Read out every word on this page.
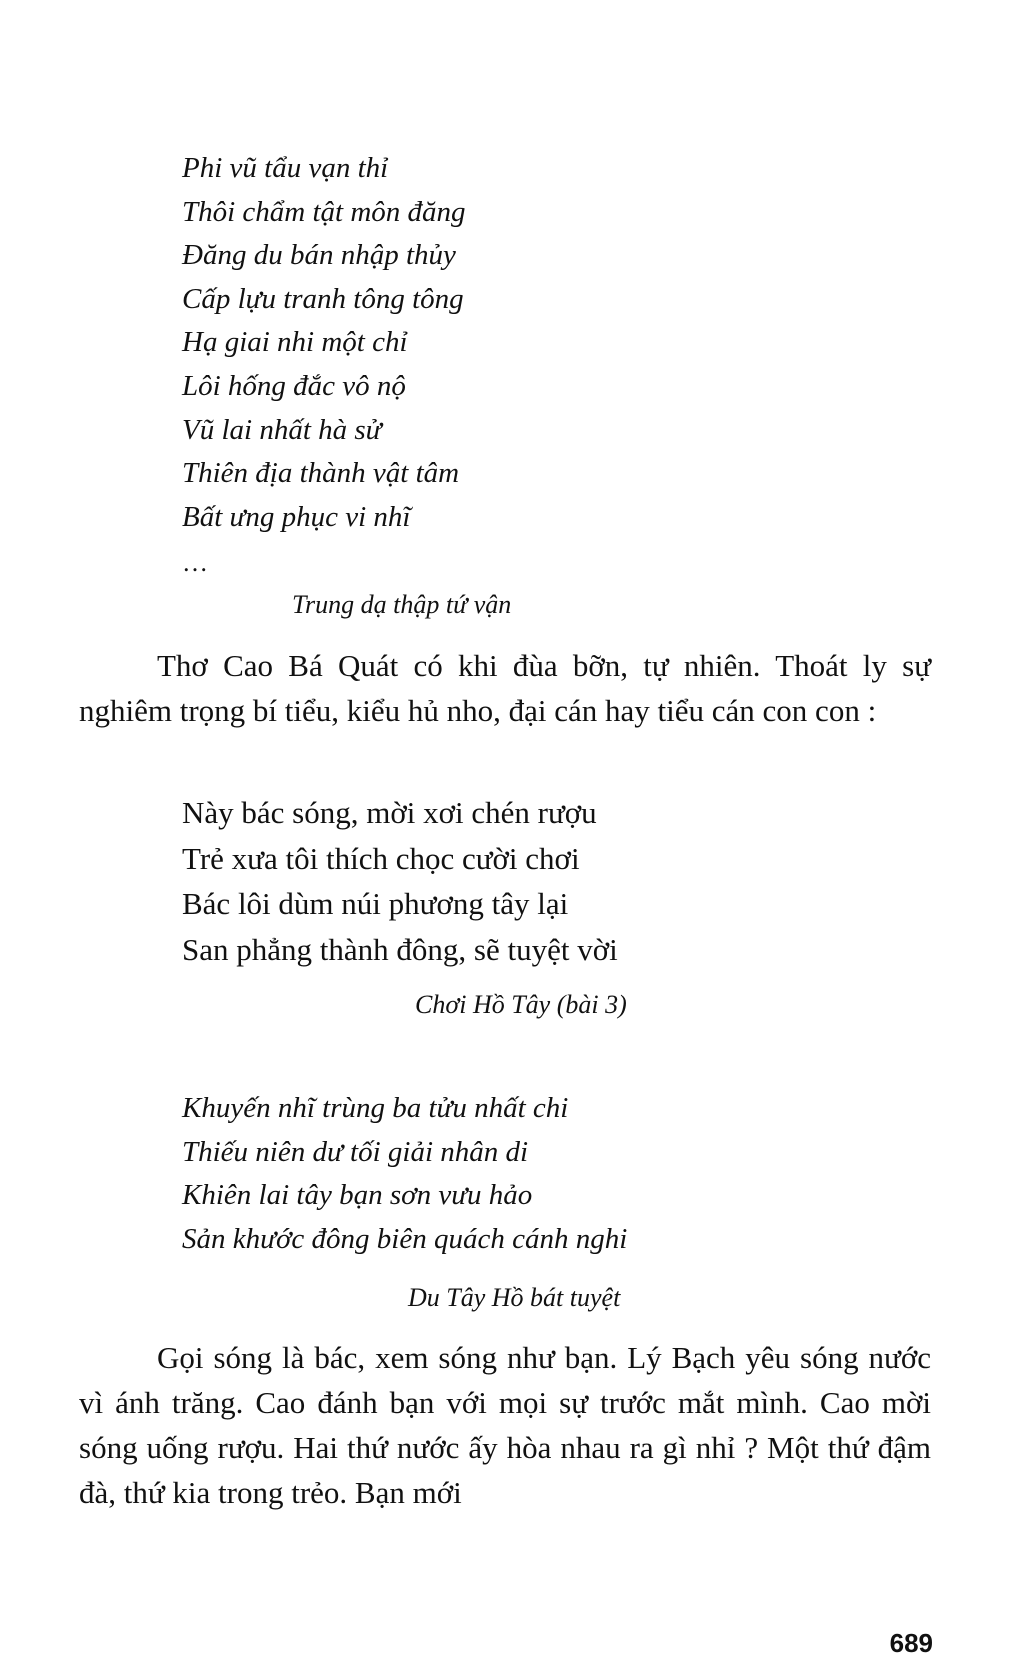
Phi vũ tẩu vạn thỉ
Thôi chẩm tật môn đăng
Đăng du bán nhập thủy
Cấp lựu tranh tông tông
Hạ giai nhi một chỉ
Lôi hống đắc vô nộ
Vũ lai nhất hà sử
Thiên địa thành vật tâm
Bất ưng phục vi nhĩ
…
Trung dạ thập tứ vận

Thơ Cao Bá Quát có khi đùa bỡn, tự nhiên. Thoát ly sự nghiêm trọng bí tiểu, kiểu hủ nho, đại cán hay tiểu cán con con :

Này bác sóng, mời xơi chén rượu
Trẻ xưa tôi thích chọc cười chơi
Bác lôi dùm núi phương tây lại
San phẳng thành đông, sẽ tuyệt vời
Chơi Hồ Tây (bài 3)
Khuyến nhĩ trùng ba tửu nhất chi
Thiếu niên dư tối giải nhân di
Khiên lai tây bạn sơn vưu hảo
Sản khước đông biên quách cánh nghi
Du Tây Hồ bát tuyệt

Gọi sóng là bác, xem sóng như bạn. Lý Bạch yêu sóng nước vì ánh trăng. Cao đánh bạn với mọi sự trước mắt mình. Cao mời sóng uống rượu. Hai thứ nước ấy hòa nhau ra gì nhỉ ? Một thứ đậm đà, thứ kia trong trẻo. Bạn mới

689
